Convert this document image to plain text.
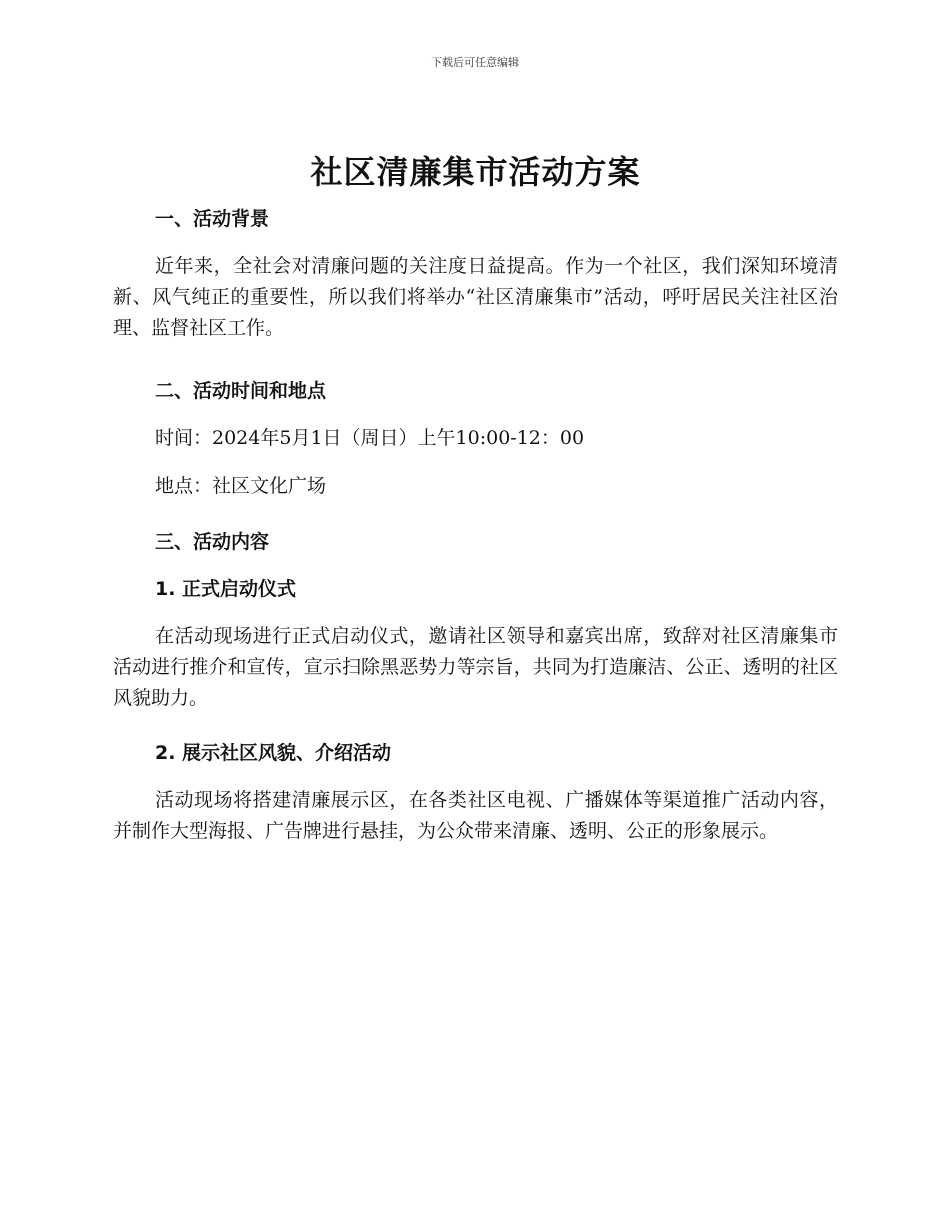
下载后可任意编辑
社区清廉集市活动方案
一、活动背景

近年来，全社会对清廉问题的关注度日益提高。作为一个社区，我们深知环境清新、风气纯正的重要性，所以我们将举办“社区清廉集市”活动，呼吁居民关注社区治理、监督社区工作。

二、活动时间和地点

时间：2024年5月1日（周日）上午10:00-12：00

地点：社区文化广场

三、活动内容
1. 正式启动仪式

在活动现场进行正式启动仪式，邀请社区领导和嘉宾出席，致辞对社区清廉集市活动进行推介和宣传，宣示扫除黑恶势力等宗旨，共同为打造廉洁、公正、透明的社区风貌助力。

2. 展示社区风貌、介绍活动

活动现场将搭建清廉展示区，在各类社区电视、广播媒体等渠道推广活动内容，并制作大型海报、广告牌进行悬挂，为公众带来清廉、透明、公正的形象展示。
